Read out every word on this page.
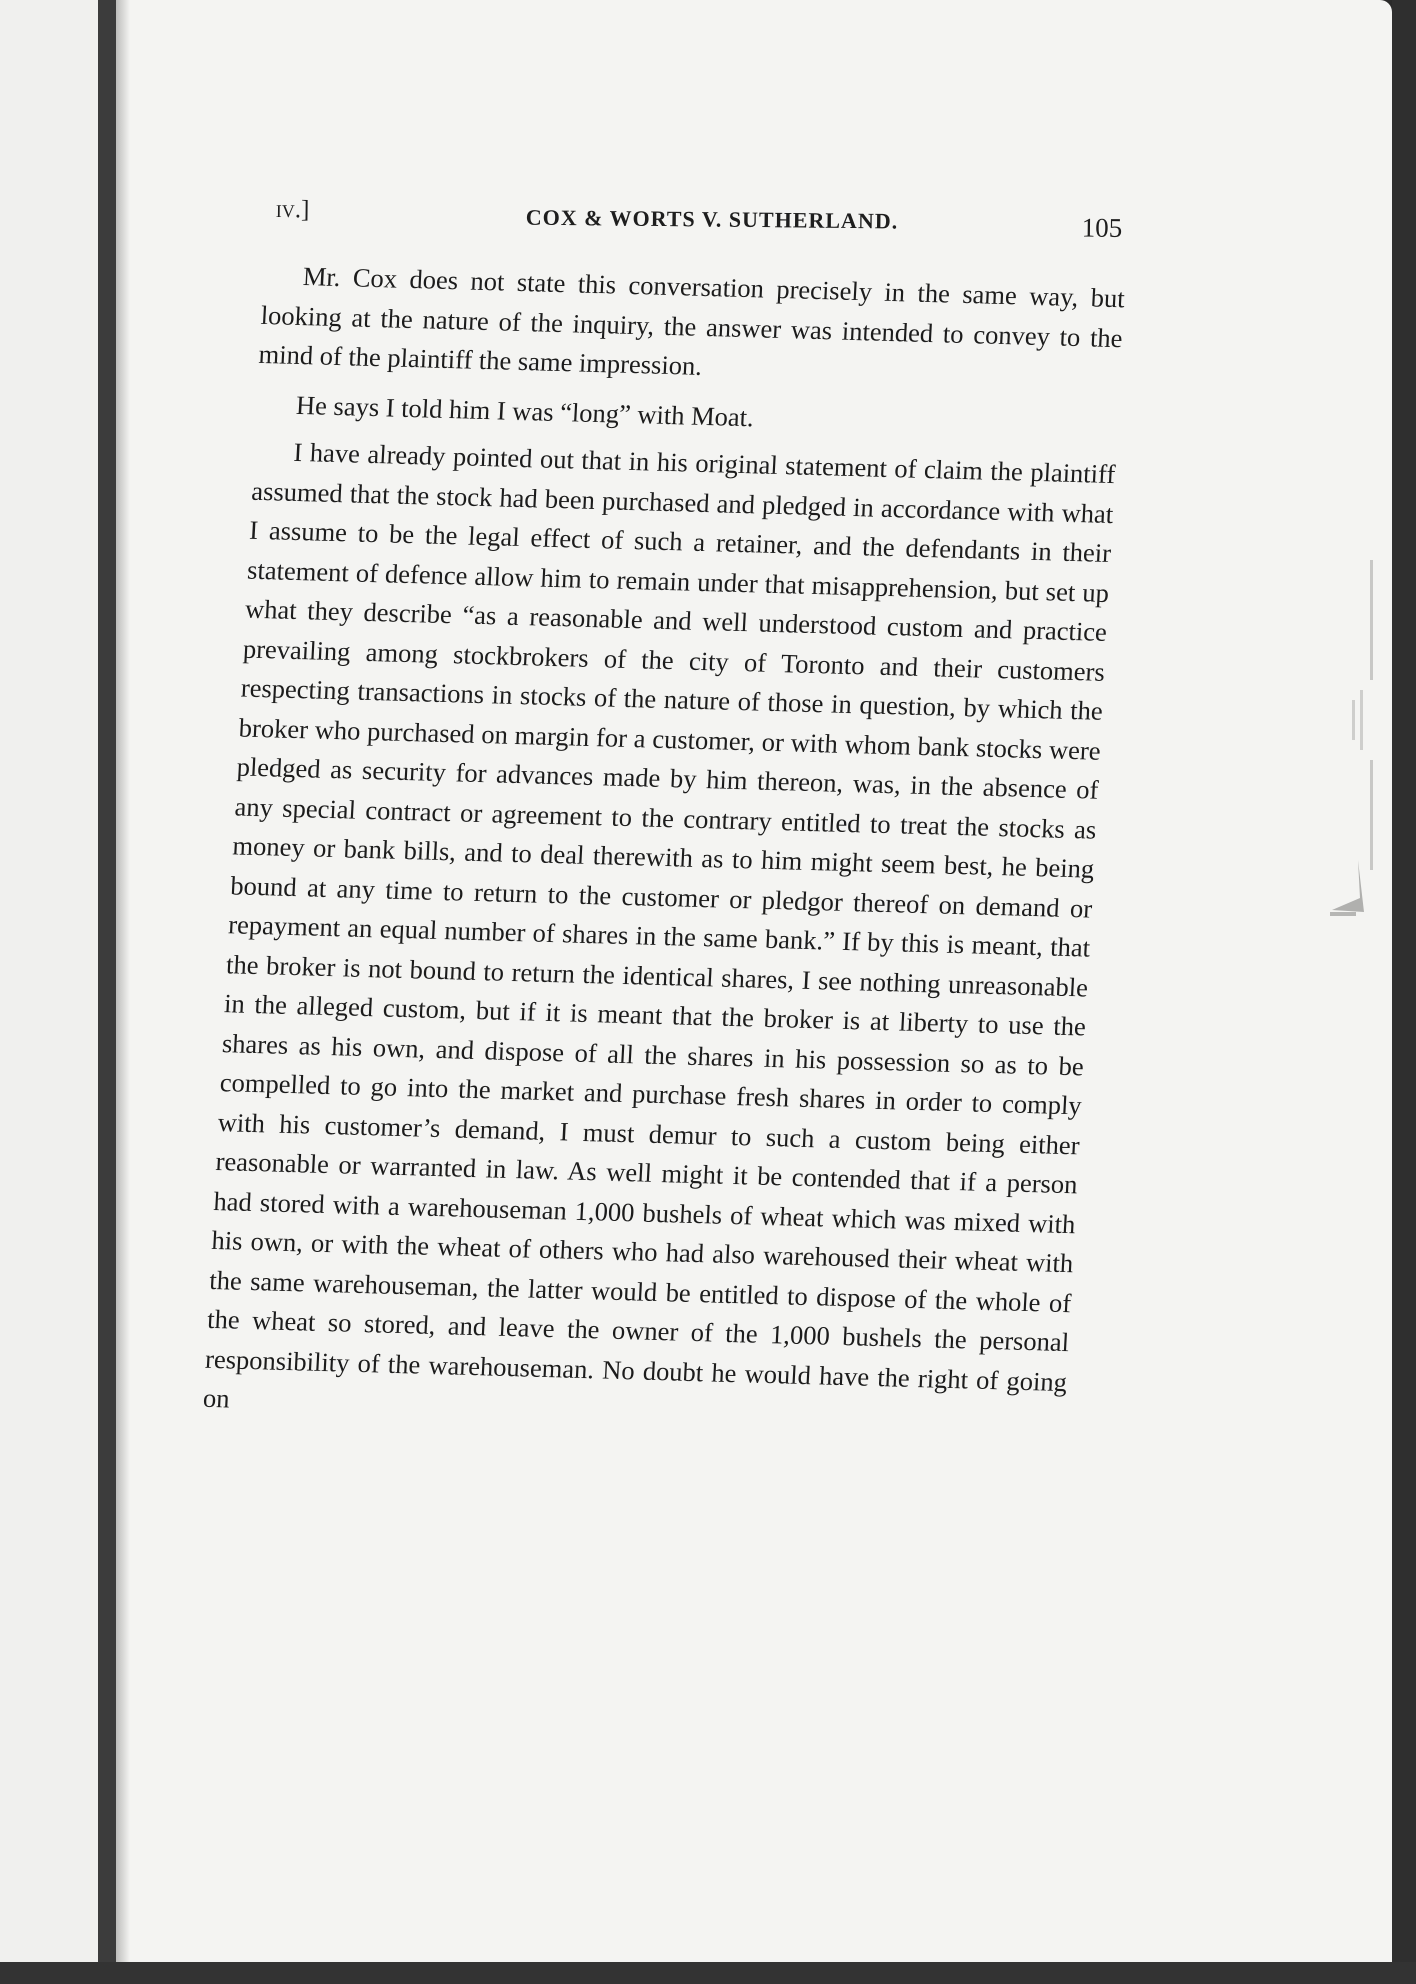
iv.]	COX & WORTS V. SUTHERLAND.	105

Mr. Cox does not state this conversation precisely in the same way, but looking at the nature of the inquiry, the answer was intended to convey to the mind of the plaintiff the same impression.

He says I told him I was “long” with Moat.

I have already pointed out that in his original statement of claim the plaintiff assumed that the stock had been purchased and pledged in accordance with what I assume to be the legal effect of such a retainer, and the defendants in their statement of defence allow him to remain under that misapprehension, but set up what they describe “as a reasonable and well understood custom and practice prevailing among stockbrokers of the city of Toronto and their customers respecting transactions in stocks of the nature of those in question, by which the broker who purchased on margin for a customer, or with whom bank stocks were pledged as security for advances made by him thereon, was, in the absence of any special contract or agreement to the contrary entitled to treat the stocks as money or bank bills, and to deal therewith as to him might seem best, he being bound at any time to return to the customer or pledgor thereof on demand or repayment an equal number of shares in the same bank.” If by this is meant, that the broker is not bound to return the identical shares, I see nothing unreasonable in the alleged custom, but if it is meant that the broker is at liberty to use the shares as his own, and dispose of all the shares in his possession so as to be compelled to go into the market and purchase fresh shares in order to comply with his customer’s demand, I must demur to such a custom being either reasonable or warranted in law. As well might it be contended that if a person had stored with a warehouseman 1,000 bushels of wheat which was mixed with his own, or with the wheat of others who had also warehoused their wheat with the same warehouseman, the latter would be entitled to dispose of the whole of the wheat so stored, and leave the owner of the 1,000 bushels the personal responsibility of the warehouseman. No doubt he would have the right of going on
